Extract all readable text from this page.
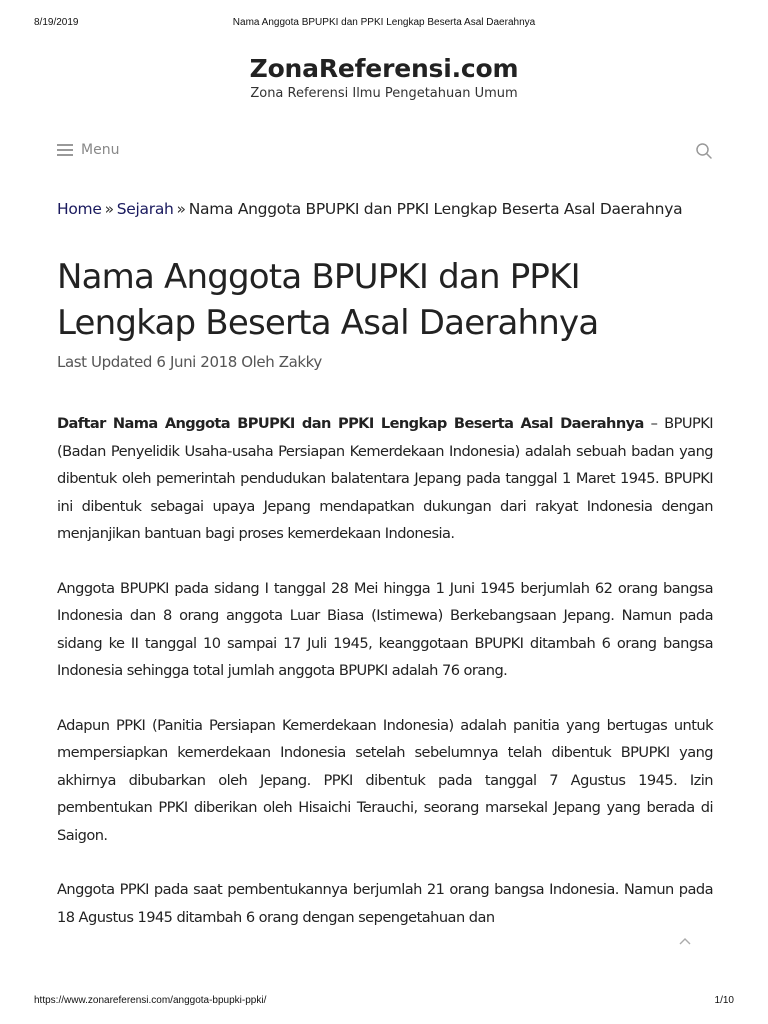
8/19/2019	Nama Anggota BPUPKI dan PPKI Lengkap Beserta Asal Daerahnya
ZonaReferensi.com
Zona Referensi Ilmu Pengetahuan Umum
Menu
Home » Sejarah » Nama Anggota BPUPKI dan PPKI Lengkap Beserta Asal Daerahnya
Nama Anggota BPUPKI dan PPKI Lengkap Beserta Asal Daerahnya
Last Updated 6 Juni 2018 Oleh Zakky

Daftar Nama Anggota BPUPKI dan PPKI Lengkap Beserta Asal Daerahnya – BPUPKI (Badan Penyelidik Usaha-usaha Persiapan Kemerdekaan Indonesia) adalah sebuah badan yang dibentuk oleh pemerintah pendudukan balatentara Jepang pada tanggal 1 Maret 1945. BPUPKI ini dibentuk sebagai upaya Jepang mendapatkan dukungan dari rakyat Indonesia dengan menjanjikan bantuan bagi proses kemerdekaan Indonesia.

Anggota BPUPKI pada sidang I tanggal 28 Mei hingga 1 Juni 1945 berjumlah 62 orang bangsa Indonesia dan 8 orang anggota Luar Biasa (Istimewa) Berkebangsaan Jepang. Namun pada sidang ke II tanggal 10 sampai 17 Juli 1945, keanggotaan BPUPKI ditambah 6 orang bangsa Indonesia sehingga total jumlah anggota BPUPKI adalah 76 orang.

Adapun PPKI (Panitia Persiapan Kemerdekaan Indonesia) adalah panitia yang bertugas untuk mempersiapkan kemerdekaan Indonesia setelah sebelumnya telah dibentuk BPUPKI yang akhirnya dibubarkan oleh Jepang. PPKI dibentuk pada tanggal 7 Agustus 1945. Izin pembentukan PPKI diberikan oleh Hisaichi Terauchi, seorang marsekal Jepang yang berada di Saigon.

Anggota PPKI pada saat pembentukannya berjumlah 21 orang bangsa Indonesia. Namun pada 18 Agustus 1945 ditambah 6 orang dengan sepengetahuan dan

https://www.zonareferensi.com/anggota-bpupki-ppki/	1/10
